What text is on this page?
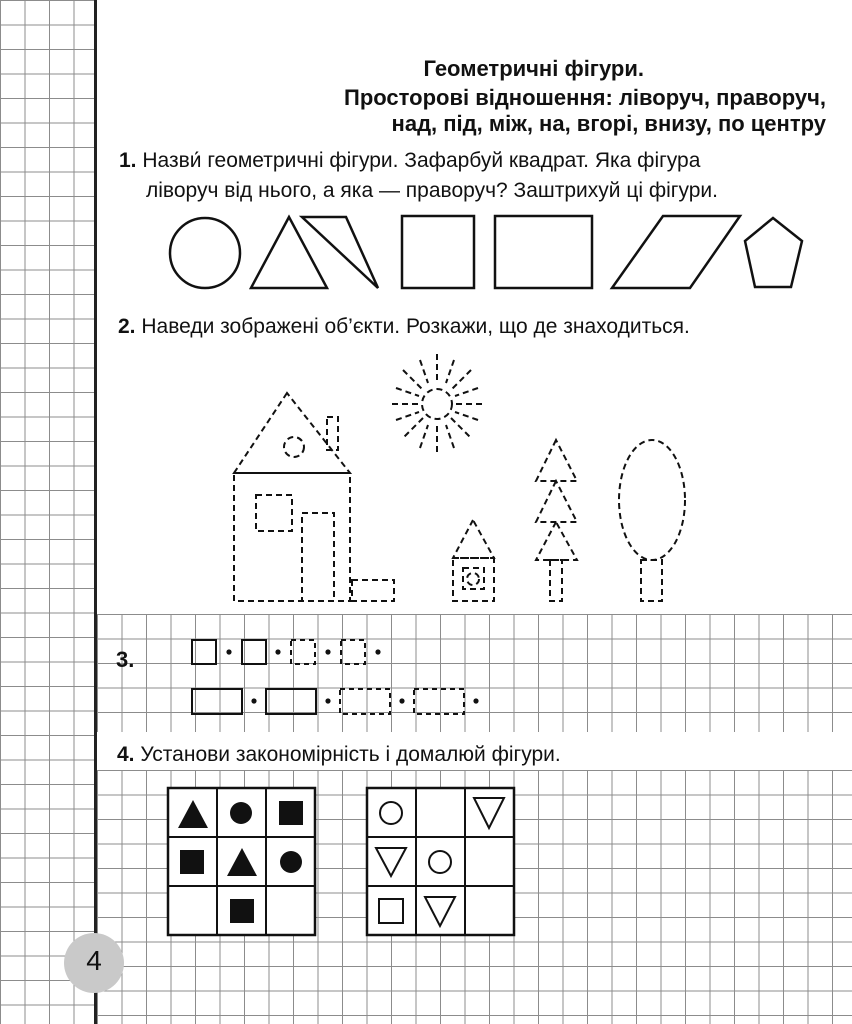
Геометричні фігури.
Просторові відношення: ліворуч, праворуч,
над, під, між, на, вгорі, внизу, по центру
1. Назви́ геометричні фігури. Зафарбуй квадрат. Яка фігура
ліворуч від нього, а яка — праворуч? Заштрихуй ці фігури.
2. Наведи зображені об’єкти. Розкажи, що де знаходиться.
3.
4. Установи закономірність і домалюй фігури.
4
